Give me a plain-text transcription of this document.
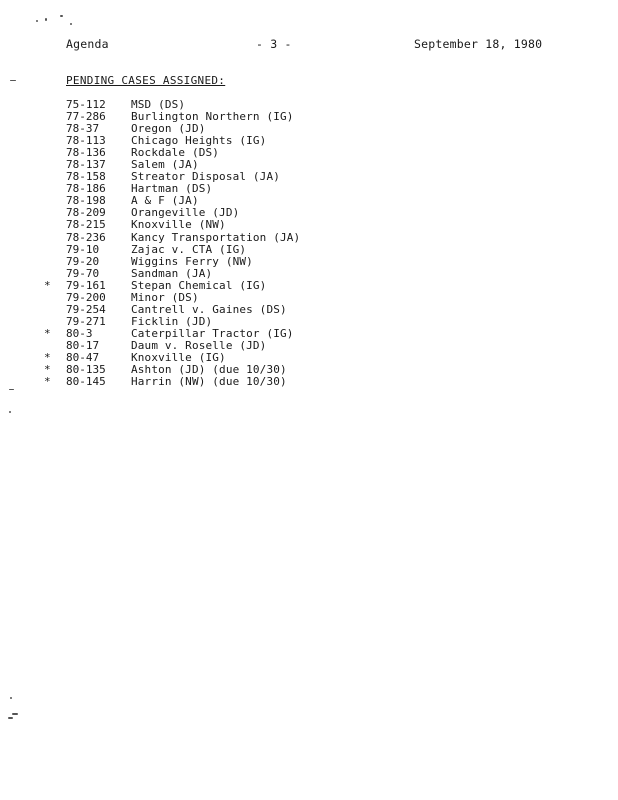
Agenda	- 3 -	September 18, 1980
PENDING CASES ASSIGNED:
75-112	MSD (DS)
77-286	Burlington Northern (IG)
78-37	Oregon (JD)
78-113	Chicago Heights (IG)
78-136	Rockdale (DS)
78-137	Salem (JA)
78-158	Streator Disposal (JA)
78-186	Hartman (DS)
78-198	A & F (JA)
78-209	Orangeville (JD)
78-215	Knoxville (NW)
78-236	Kancy Transportation (JA)
79-10	Zajac v. CTA (IG)
79-20	Wiggins Ferry (NW)
79-70	Sandman (JA)
*	79-161	Stepan Chemical (IG)
79-200	Minor (DS)
79-254	Cantrell v. Gaines (DS)
79-271	Ficklin (JD)
*	80-3	Caterpillar Tractor (IG)
80-17	Daum v. Roselle (JD)
*	80-47	Knoxville (IG)
*	80-135	Ashton (JD) (due 10/30)
*	80-145	Harrin (NW) (due 10/30)
